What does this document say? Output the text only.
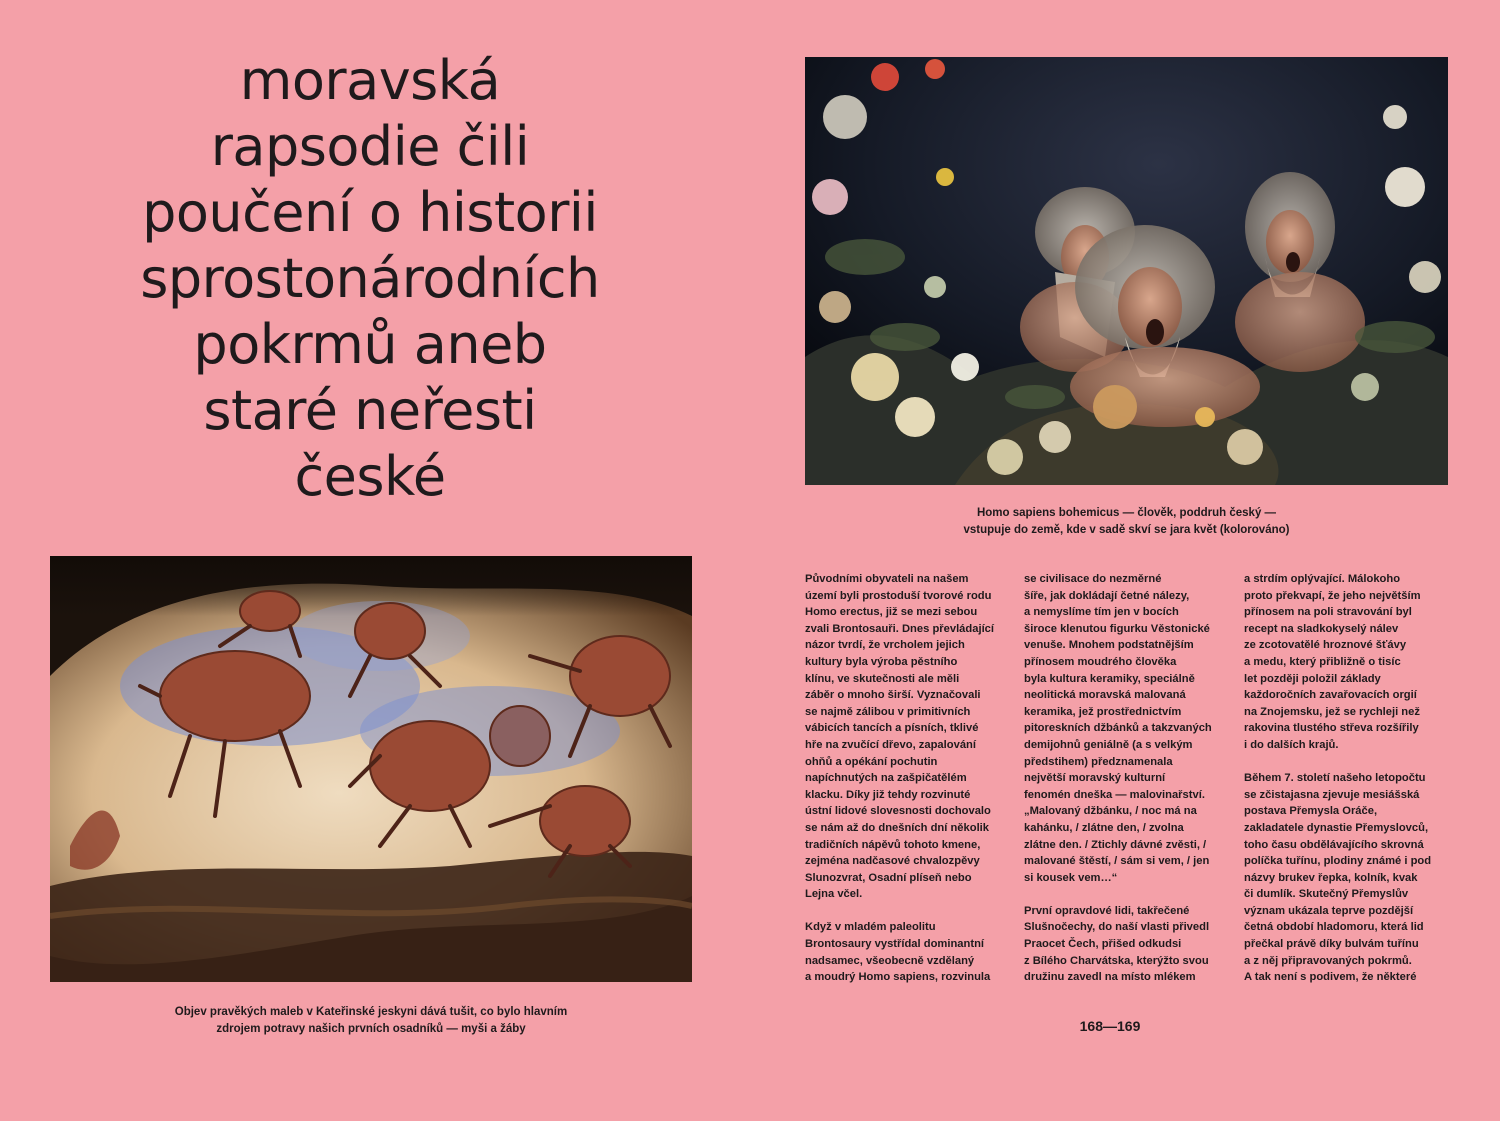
moravská
rapsodie čili
poučení o historii
sprostonárodních
pokrmů aneb
staré neřesti
české

Objev pravěkých maleb v Kateřinské jeskyni dává tušit, co bylo hlavním
zdrojem potravy našich prvních osadníků — myši a žáby

Homo sapiens bohemicus — člověk, poddruh český —
vstupuje do země, kde v sadě skví se jara květ (kolorováno)

Původními obyvateli na našem
území byli prostoduší tvorové rodu
Homo erectus, již se mezi sebou
zvali Brontosauři. Dnes převládající
názor tvrdí, že vrcholem jejich
kultury byla výroba pěstního
klínu, ve skutečnosti ale měli
záběr o mnoho širší. Vyznačovali
se najmě zálibou v primitivních
vábicích tancích a písních, tklivé
hře na zvučící dřevo, zapalování
ohňů a opékání pochutin
napíchnutých na zašpičatělém
klacku. Díky již tehdy rozvinuté
ústní lidové slovesnosti dochovalo
se nám až do dnešních dní několik
tradičních nápěvů tohoto kmene,
zejména nadčasové chvalozpěvy
Slunozvrat, Osadní plíseň nebo
Lejna včel.

Když v mladém paleolitu
Brontosaury vystřídal dominantní
nadsamec, všeobecně vzdělaný
a moudrý Homo sapiens, rozvinula

se civilisace do nezměrné
šíře, jak dokládají četné nálezy,
a nemyslíme tím jen v bocích
široce klenutou figurku Věstonické
venuše. Mnohem podstatnějším
přínosem moudrého člověka
byla kultura keramiky, speciálně
neolitická moravská malovaná
keramika, jež prostřednictvím
pitoreskních džbánků a takzvaných
demijohnů geniálně (a s velkým
předstihem) předznamenala
největší moravský kulturní
fenomén dneška — malovinařství.
„Malovaný džbánku, / noc má na
kahánku, / zlátne den, / zvolna
zlátne den. / Ztichly dávné zvěsti, /
malované štěstí, / sám si vem, / jen
si kousek vem…“

První opravdové lidi, takřečené
Slušnočechy, do naší vlasti přivedl
Praocet Čech, přišed odkudsi
z Bílého Charvátska, kterýžto svou
družinu zavedl na místo mlékem

a strdím oplývající. Málokoho
proto překvapí, že jeho největším
přínosem na poli stravování byl
recept na sladkokyselý nálev
ze zcotovatělé hroznové šťávy
a medu, který přibližně o tisíc
let později položil základy
každoročních zavařovacích orgií
na Znojemsku, jež se rychleji než
rakovina tlustého střeva rozšířily
i do dalších krajů.

Během 7. století našeho letopočtu
se zčistajasna zjevuje mesiášská
postava Přemysla Oráče,
zakladatele dynastie Přemyslovců,
toho času obdělávajícího skrovná
políčka tuřínu, plodiny známé i pod
názvy brukev řepka, kolník, kvak
či dumlík. Skutečný Přemyslův
význam ukázala teprve pozdější
četná období hladomoru, která lid
přečkal právě díky bulvám tuřínu
a z něj připravovaných pokrmů.
A tak není s podivem, že některé

168—169
